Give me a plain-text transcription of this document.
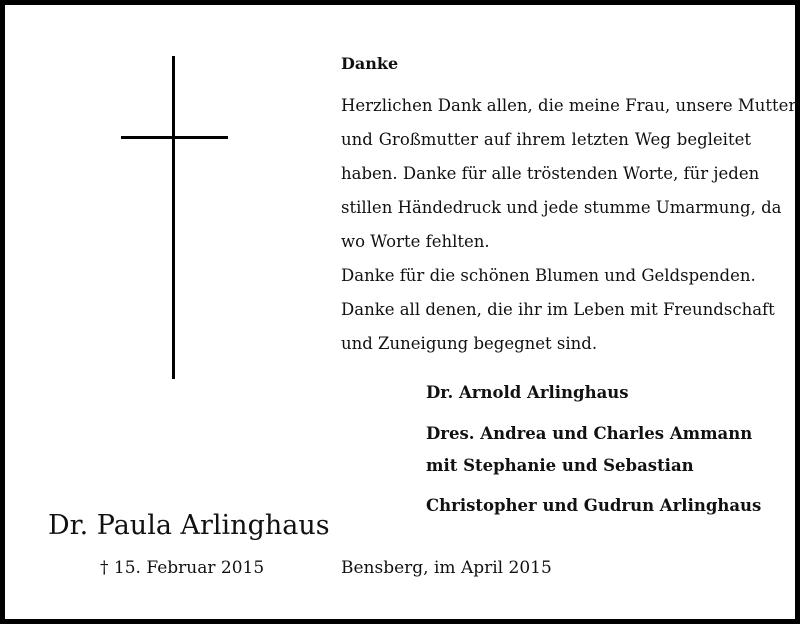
Danke
Herzlichen Dank allen, die meine Frau, unsere Mutter
und Großmutter auf ihrem letzten Weg begleitet
haben. Danke für alle tröstenden Worte, für jeden
stillen Händedruck und jede stumme Umarmung, da
wo Worte fehlten.
Danke für die schönen Blumen und Geldspenden.
Danke all denen, die ihr im Leben mit Freundschaft
und Zuneigung begegnet sind.
Dr. Arnold Arlinghaus
Dres. Andrea und Charles Ammann
mit Stephanie und Sebastian
Christopher und Gudrun Arlinghaus
Dr. Paula Arlinghaus
† 15. Februar 2015	Bensberg, im April 2015
